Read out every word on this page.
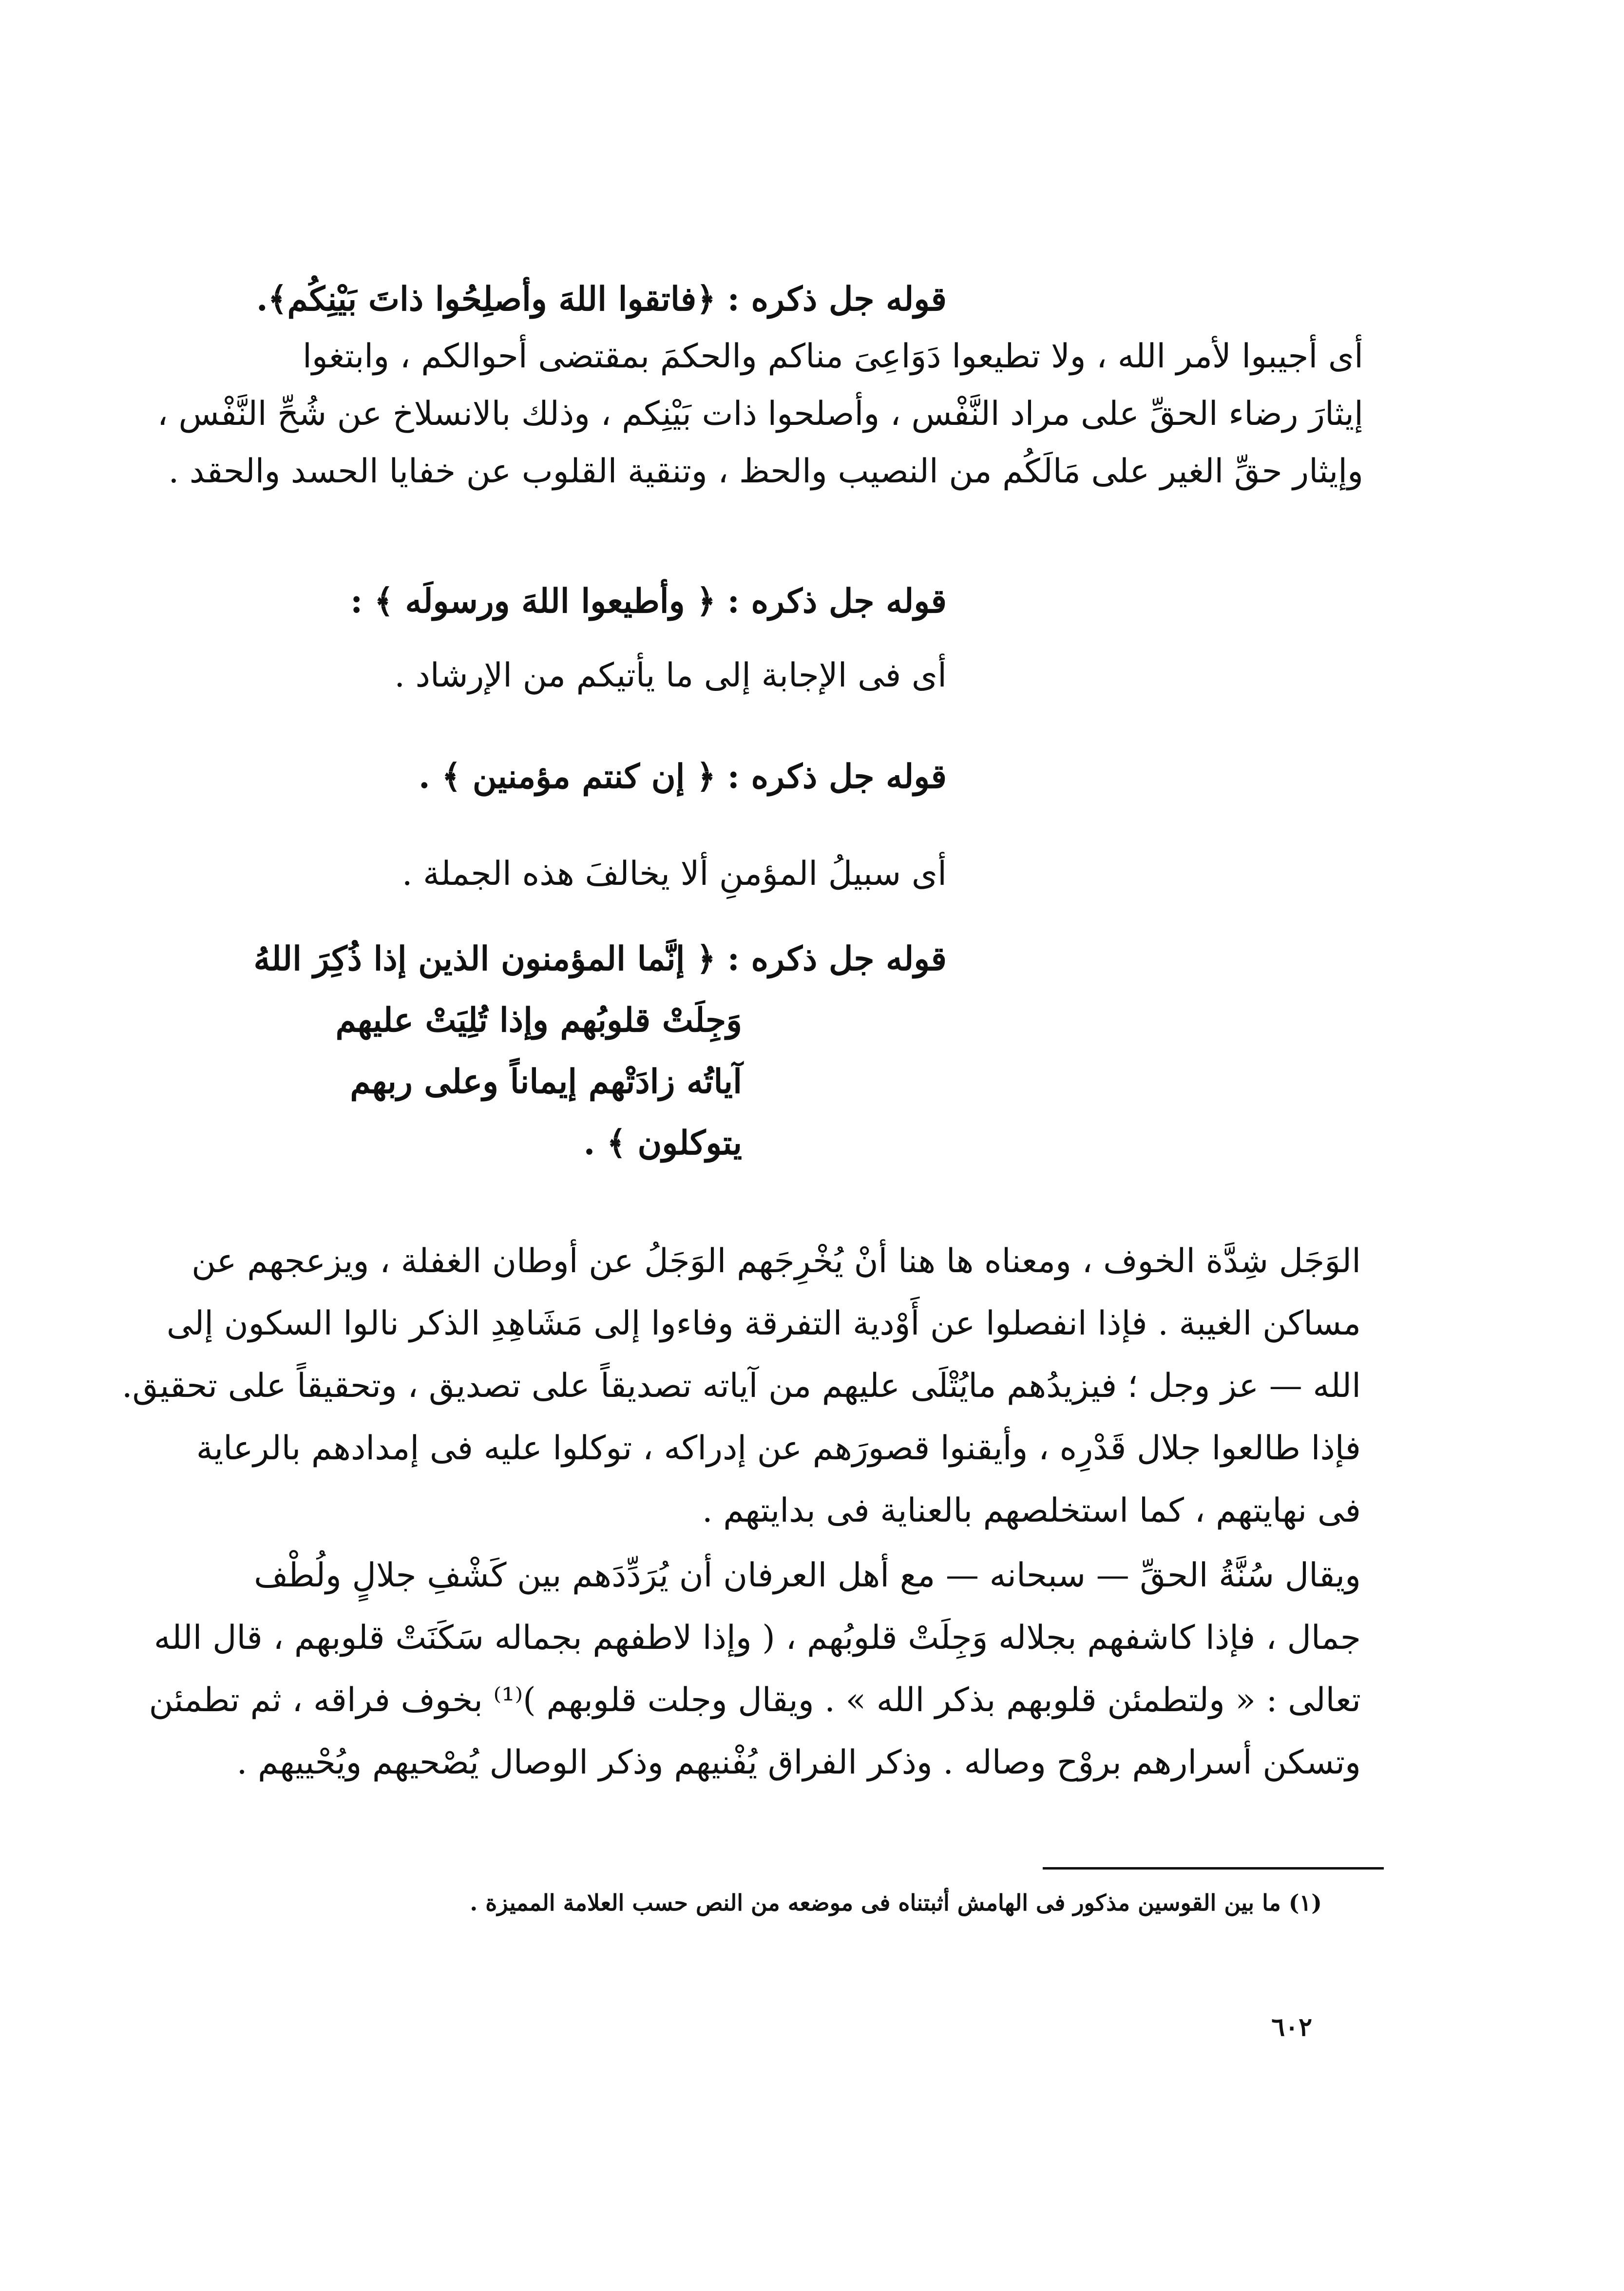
قوله جل ذكره : ﴿فاتقوا اللهَ وأصلِحُوا ذاتَ بَيْنِكُم﴾.

أى أجيبوا لأمر الله ، ولا تطيعوا دَوَاعِىَ مناكم والحكمَ بمقتضى أحوالكم ، وابتغوا

إيثارَ رضاء الحقِّ على مراد النَّفْس ، وأصلحوا ذات بَيْنِكم ، وذلك بالانسلاخ عن شُحِّ النَّفْس ،

وإيثار حقِّ الغير على مَالَكُم من النصيب والحظ ، وتنقية القلوب عن خفايا الحسد والحقد .

قوله جل ذكره : ﴿ وأطيعوا اللهَ ورسولَه ﴾ :

أى فى الإجابة إلى ما يأتيكم من الإرشاد .

قوله جل ذكره : ﴿ إن كنتم مؤمنين ﴾ .

أى سبيلُ المؤمنِ ألا يخالفَ هذه الجملة .

قوله جل ذكره : ﴿ إنَّما المؤمنون الذين إذا ذُكِرَ اللهُ

وَجِلَتْ قلوبُهم وإذا تُلِيَتْ عليهم

آياتُه زادَتْهم إيماناً وعلى ربهم

يتوكلون ﴾ .

الوَجَل شِدَّة الخوف ، ومعناه ها هنا أنْ يُخْرِجَهم الوَجَلُ عن أوطان الغفلة ، ويزعجهم عن

مساكن الغيبة . فإذا انفصلوا عن أَوْدية التفرقة وفاءوا إلى مَشَاهِدِ الذكر نالوا السكون إلى

الله — عز وجل ؛ فيزيدُهم مايُتْلَى عليهم من آياته تصديقاً على تصديق ، وتحقيقاً على تحقيق.

فإذا طالعوا جلال قَدْرِه ، وأيقنوا قصورَهم عن إدراكه ، توكلوا عليه فى إمدادهم بالرعاية

فى نهايتهم ، كما استخلصهم بالعناية فى بدايتهم .

ويقال سُنَّةُ الحقِّ — سبحانه — مع أهل العرفان أن يُرَدِّدَهم بين كَشْفِ جلالٍ ولُطْف

جمال ، فإذا كاشفهم بجلاله وَجِلَتْ قلوبُهم ، ( وإذا لاطفهم بجماله سَكَنَتْ قلوبهم ، قال الله

تعالى : « ولتطمئن قلوبهم بذكر الله » . ويقال وجلت قلوبهم )⁽¹⁾ بخوف فراقه ، ثم تطمئن

وتسكن أسرارهم بروْح وصاله . وذكر الفراق يُفْنيهم وذكر الوصال يُصْحيهم ويُحْييهم .

(١) ما بين القوسين مذكور فى الهامش أثبتناه فى موضعه من النص حسب العلامة المميزة .
٦٠٢
